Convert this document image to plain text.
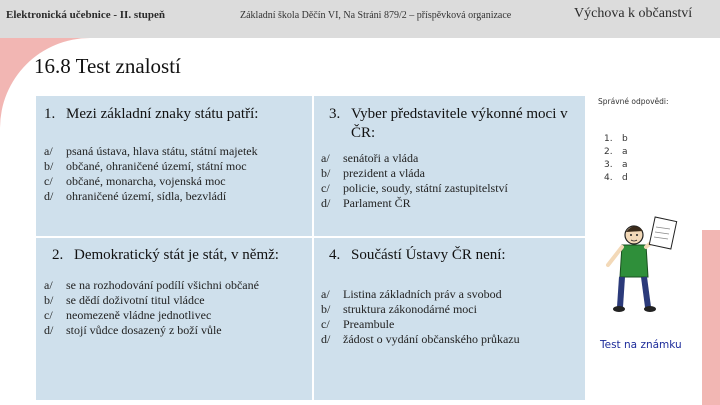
Elektronická učebnice - II. stupeň	Základní škola Děčín VI, Na Stráni 879/2 – příspěvková organizace	Výchova k občanství
16.8 Test znalostí
1. Mezi základní znaky státu patří:
a/	psaná ústava, hlava státu, státní majetek
b/	občané, ohraničené území, státní moc
c/	občané, monarcha, vojenská moc
d/	ohraničené území, sídla, bezvládí
3. Vyber představitele výkonné moci v ČR:
a/	senátoři a vláda
b/	prezident a vláda
c/	policie, soudy, státní zastupitelství
d/	Parlament ČR
2. Demokratický stát je stát, v němž:
a/	se na rozhodování podílí všichni občané
b/	se dědí doživotní titul vládce
c/	neomezeně vládne jednotlivec
d/	stojí vůdce dosazený z boží vůle
4. Součástí Ústavy ČR není:
a/	Listina základních práv a svobod
b/	struktura zákonodárné moci
c/	Preambule
d/	žádost o vydání občanského průkazu
Správné odpovědi:
1.	b
2.	a
3.	a
4.	d
Test na známku
